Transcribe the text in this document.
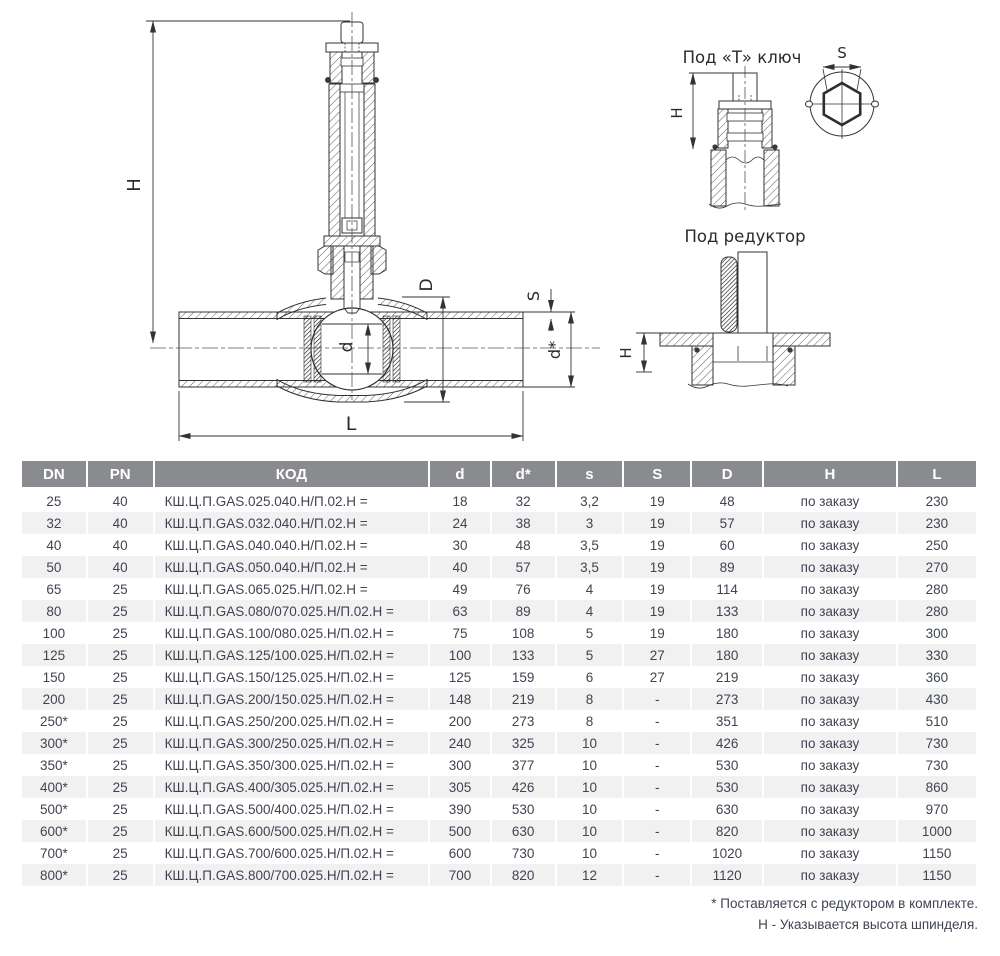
H
D
d
S
d*
L
Под «Т» ключ
H
S
Под редуктор
H
DN	PN	КОД	d	d*	s	S	D	H	L
25	40	КШ.Ц.П.GAS.025.040.Н/П.02.Н =	18	32	3,2	19	48	по заказу	230
32	40	КШ.Ц.П.GAS.032.040.Н/П.02.Н =	24	38	3	19	57	по заказу	230
40	40	КШ.Ц.П.GAS.040.040.Н/П.02.Н =	30	48	3,5	19	60	по заказу	250
50	40	КШ.Ц.П.GAS.050.040.Н/П.02.Н =	40	57	3,5	19	89	по заказу	270
65	25	КШ.Ц.П.GAS.065.025.Н/П.02.Н =	49	76	4	19	114	по заказу	280
80	25	КШ.Ц.П.GAS.080/070.025.Н/П.02.Н =	63	89	4	19	133	по заказу	280
100	25	КШ.Ц.П.GAS.100/080.025.Н/П.02.Н =	75	108	5	19	180	по заказу	300
125	25	КШ.Ц.П.GAS.125/100.025.Н/П.02.Н =	100	133	5	27	180	по заказу	330
150	25	КШ.Ц.П.GAS.150/125.025.Н/П.02.Н =	125	159	6	27	219	по заказу	360
200	25	КШ.Ц.П.GAS.200/150.025.Н/П.02.Н =	148	219	8	-	273	по заказу	430
250*	25	КШ.Ц.П.GAS.250/200.025.Н/П.02.Н =	200	273	8	-	351	по заказу	510
300*	25	КШ.Ц.П.GAS.300/250.025.Н/П.02.Н =	240	325	10	-	426	по заказу	730
350*	25	КШ.Ц.П.GAS.350/300.025.Н/П.02.Н =	300	377	10	-	530	по заказу	730
400*	25	КШ.Ц.П.GAS.400/305.025.Н/П.02.Н =	305	426	10	-	530	по заказу	860
500*	25	КШ.Ц.П.GAS.500/400.025.Н/П.02.Н =	390	530	10	-	630	по заказу	970
600*	25	КШ.Ц.П.GAS.600/500.025.Н/П.02.Н =	500	630	10	-	820	по заказу	1000
700*	25	КШ.Ц.П.GAS.700/600.025.Н/П.02.Н =	600	730	10	-	1020	по заказу	1150
800*	25	КШ.Ц.П.GAS.800/700.025.Н/П.02.Н =	700	820	12	-	1120	по заказу	1150
* Поставляется с редуктором в комплекте.
Н - Указывается высота шпинделя.
